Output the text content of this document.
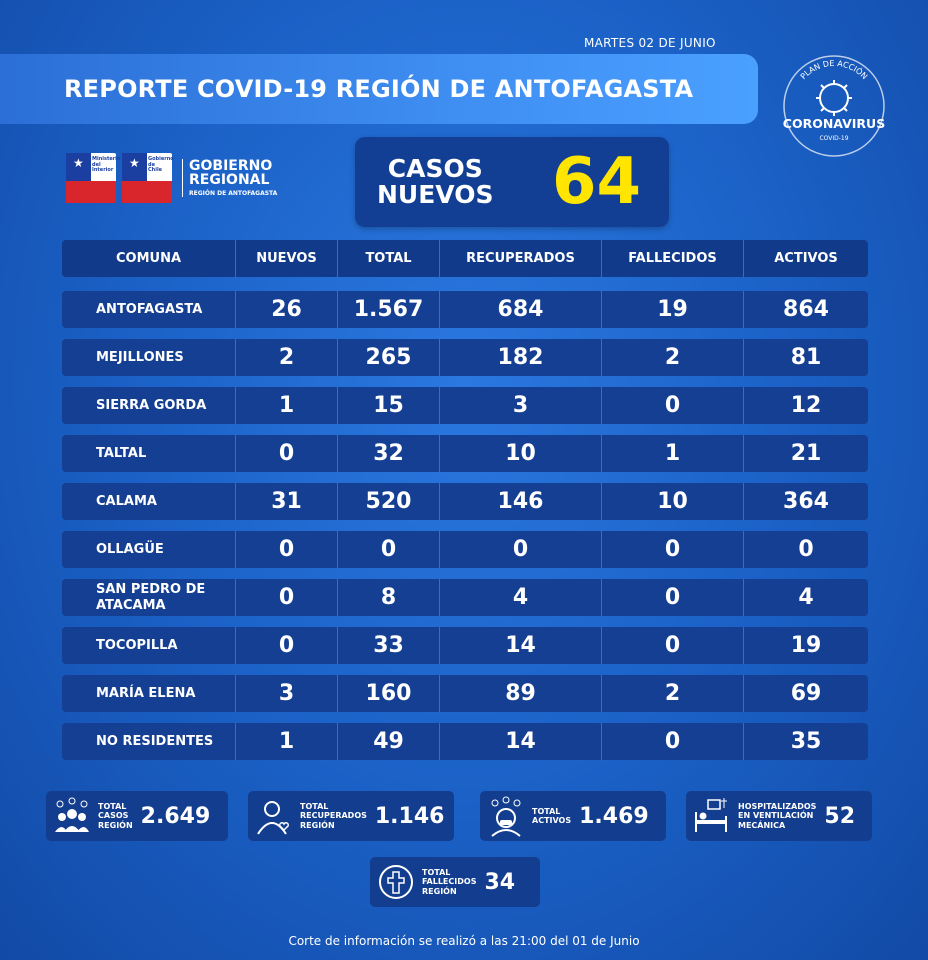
MARTES 02 DE JUNIO
REPORTE COVID-19 REGIÓN DE ANTOFAGASTA	PLAN DE ACCIÓN
CORONAVIRUS
COVID-19
★ Ministerio del Interior ★ Gobierno de Chile	GOBIERNO
REGIONAL
REGIÓN DE ANTOFAGASTA
CASOS
NUEVOS 64
COMUNA	NUEVOS	TOTAL	RECUPERADOS	FALLECIDOS	ACTIVOS
ANTOFAGASTA	26	1.567	684	19	864
MEJILLONES	2	265	182	2	81
SIERRA GORDA	1	15	3	0	12
TALTAL	0	32	10	1	21
CALAMA	31	520	146	10	364
OLLAGÜE	0	0	0	0	0
SAN PEDRO DE ATACAMA	0	8	4	0	4
TOCOPILLA	0	33	14	0	19
MARÍA ELENA	3	160	89	2	69
NO RESIDENTES	1	49	14	0	35
TOTAL
CASOS
REGIÓN 2.649	TOTAL
RECUPERADOS
REGIÓN	1.146	TOTAL
ACTIVOS 1.469	HOSPITALIZADOS
EN VENTILACIÓN
MECÁNICA	52
TOTAL
FALLECIDOS
REGIÓN	34
Corte de información se realizó a las 21:00 del 01 de Junio
